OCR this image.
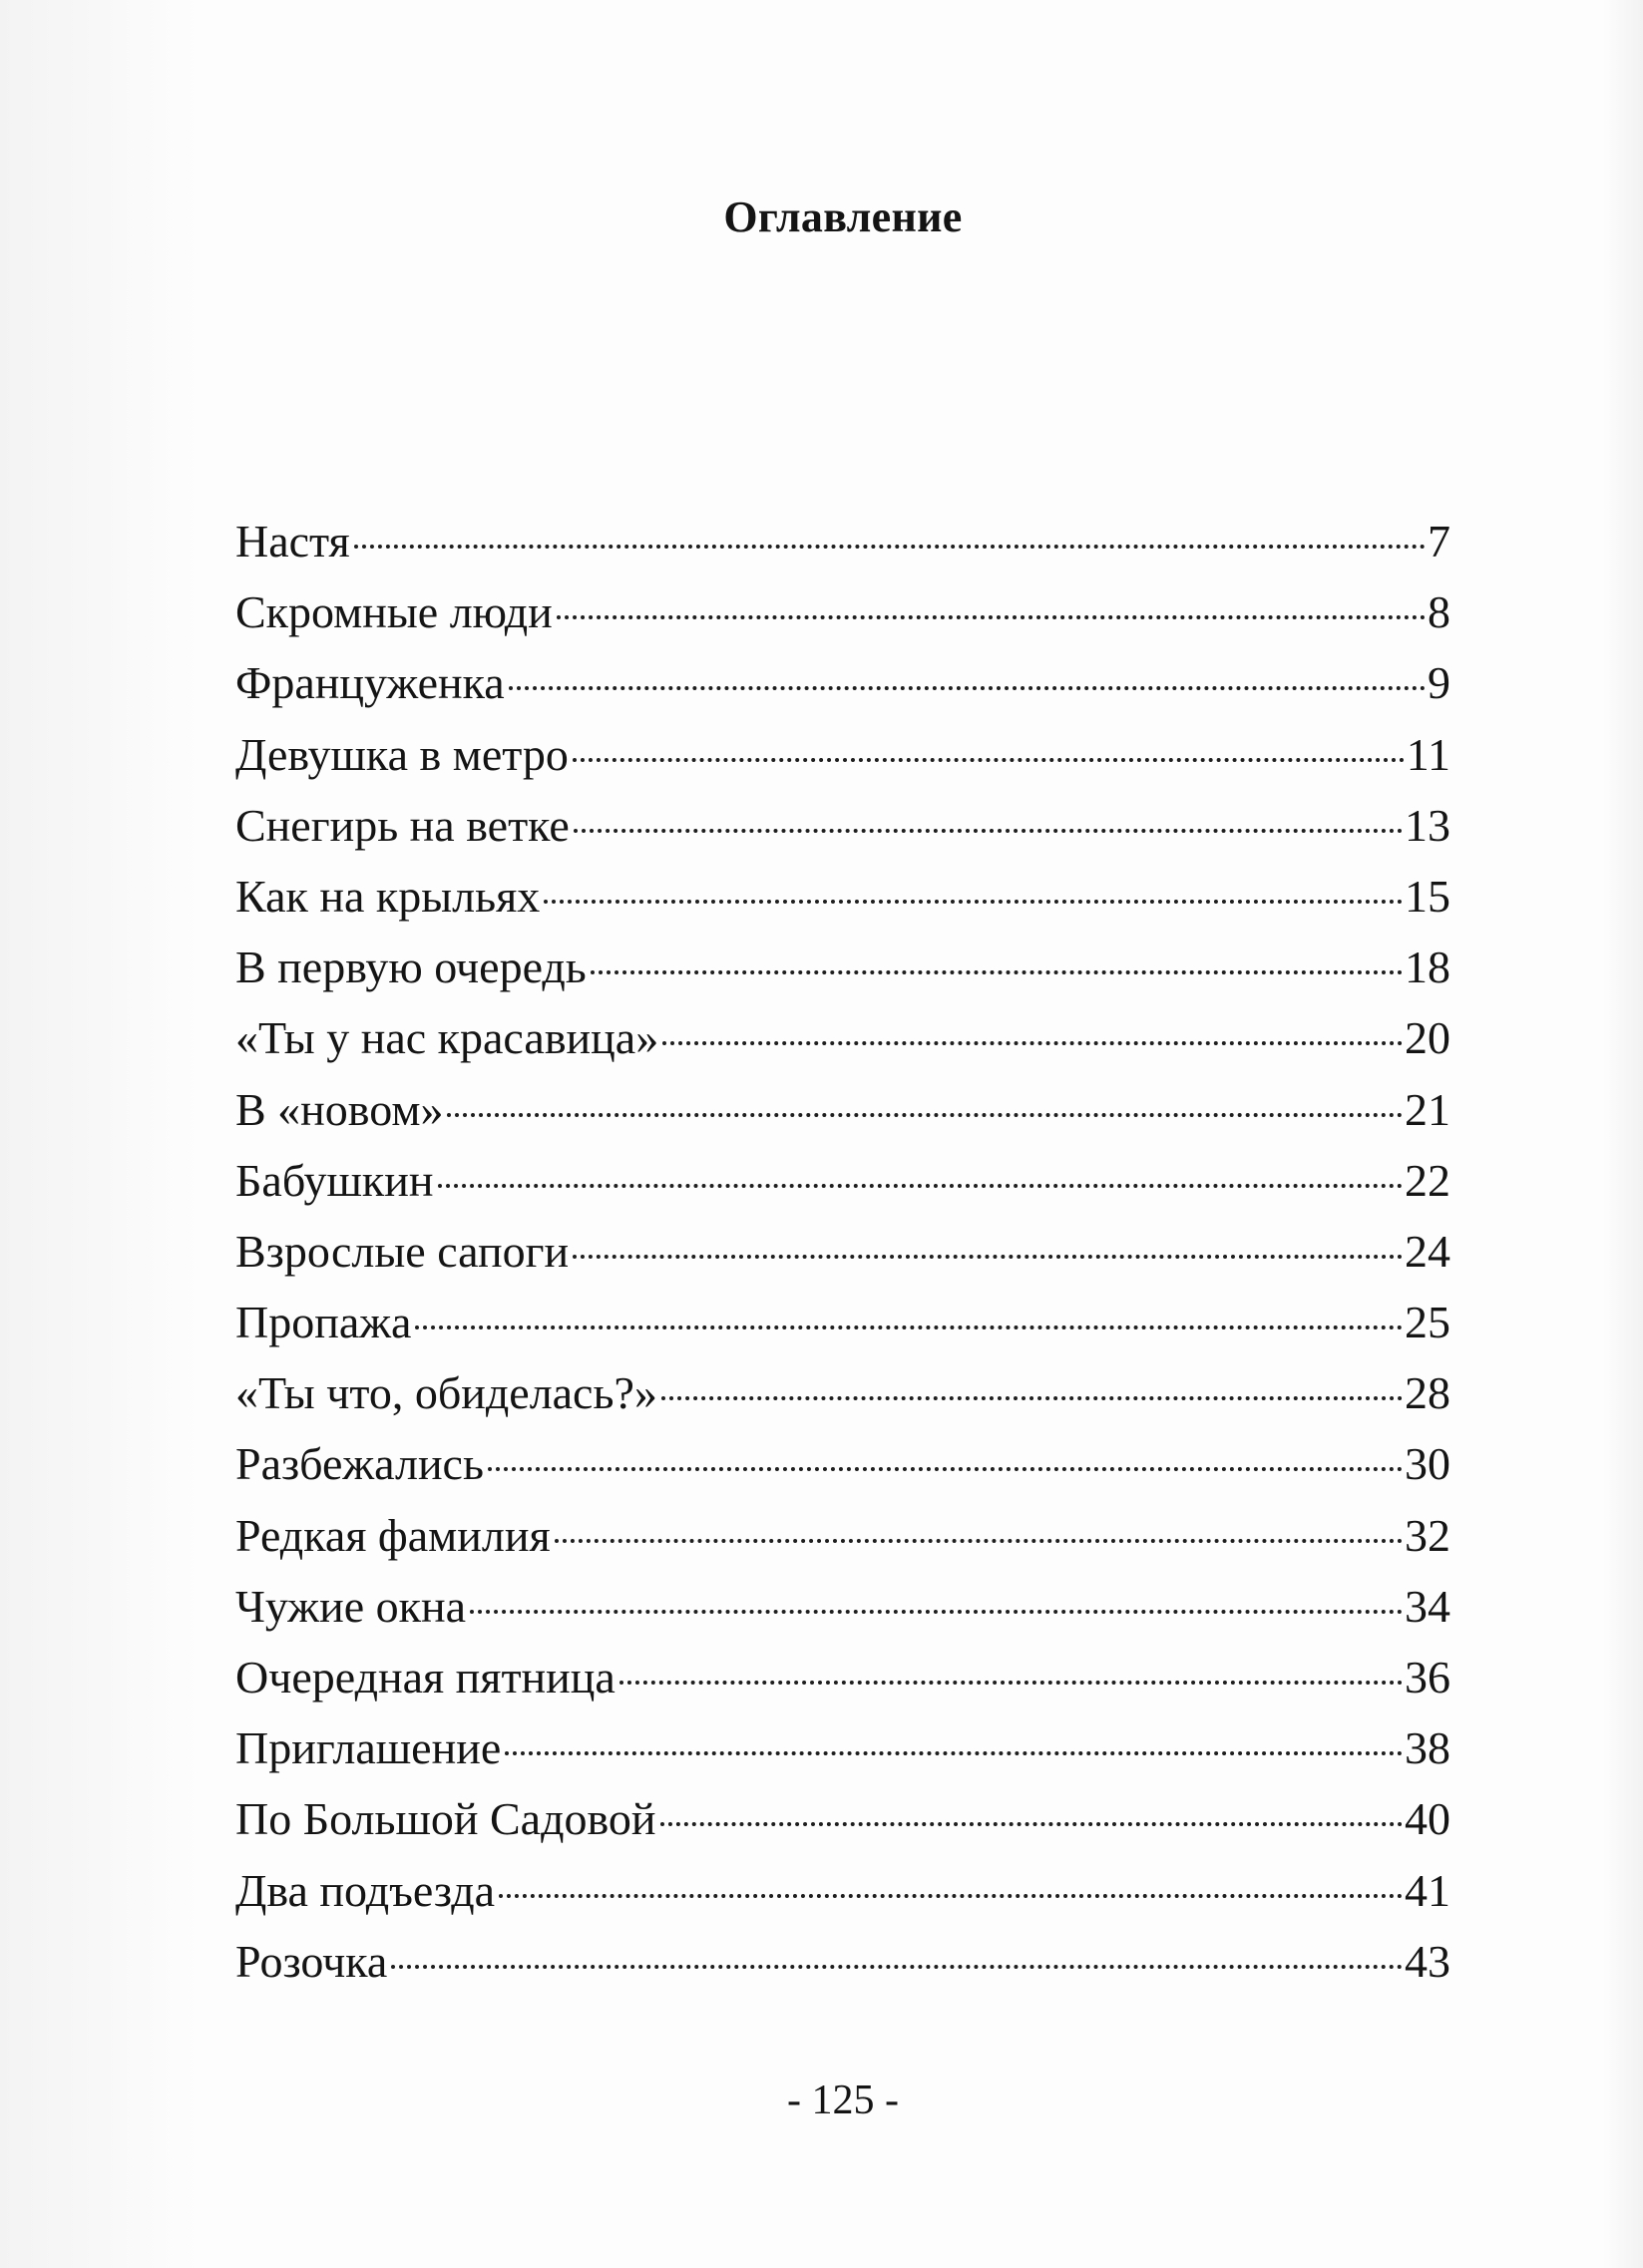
Оглавление
Настя	7
Скромные люди	8
Француженка	9
Девушка в метро	11
Снегирь на ветке	13
Как на крыльях	15
В первую очередь	18
«Ты у нас красавица»	20
В «новом»	21
Бабушкин	22
Взрослые сапоги	24
Пропажа	25
«Ты что, обиделась?»	28
Разбежались	30
Редкая фамилия	32
Чужие окна	34
Очередная пятница	36
Приглашение	38
По Большой Садовой	40
Два подъезда	41
Розочка	43
- 125 -
